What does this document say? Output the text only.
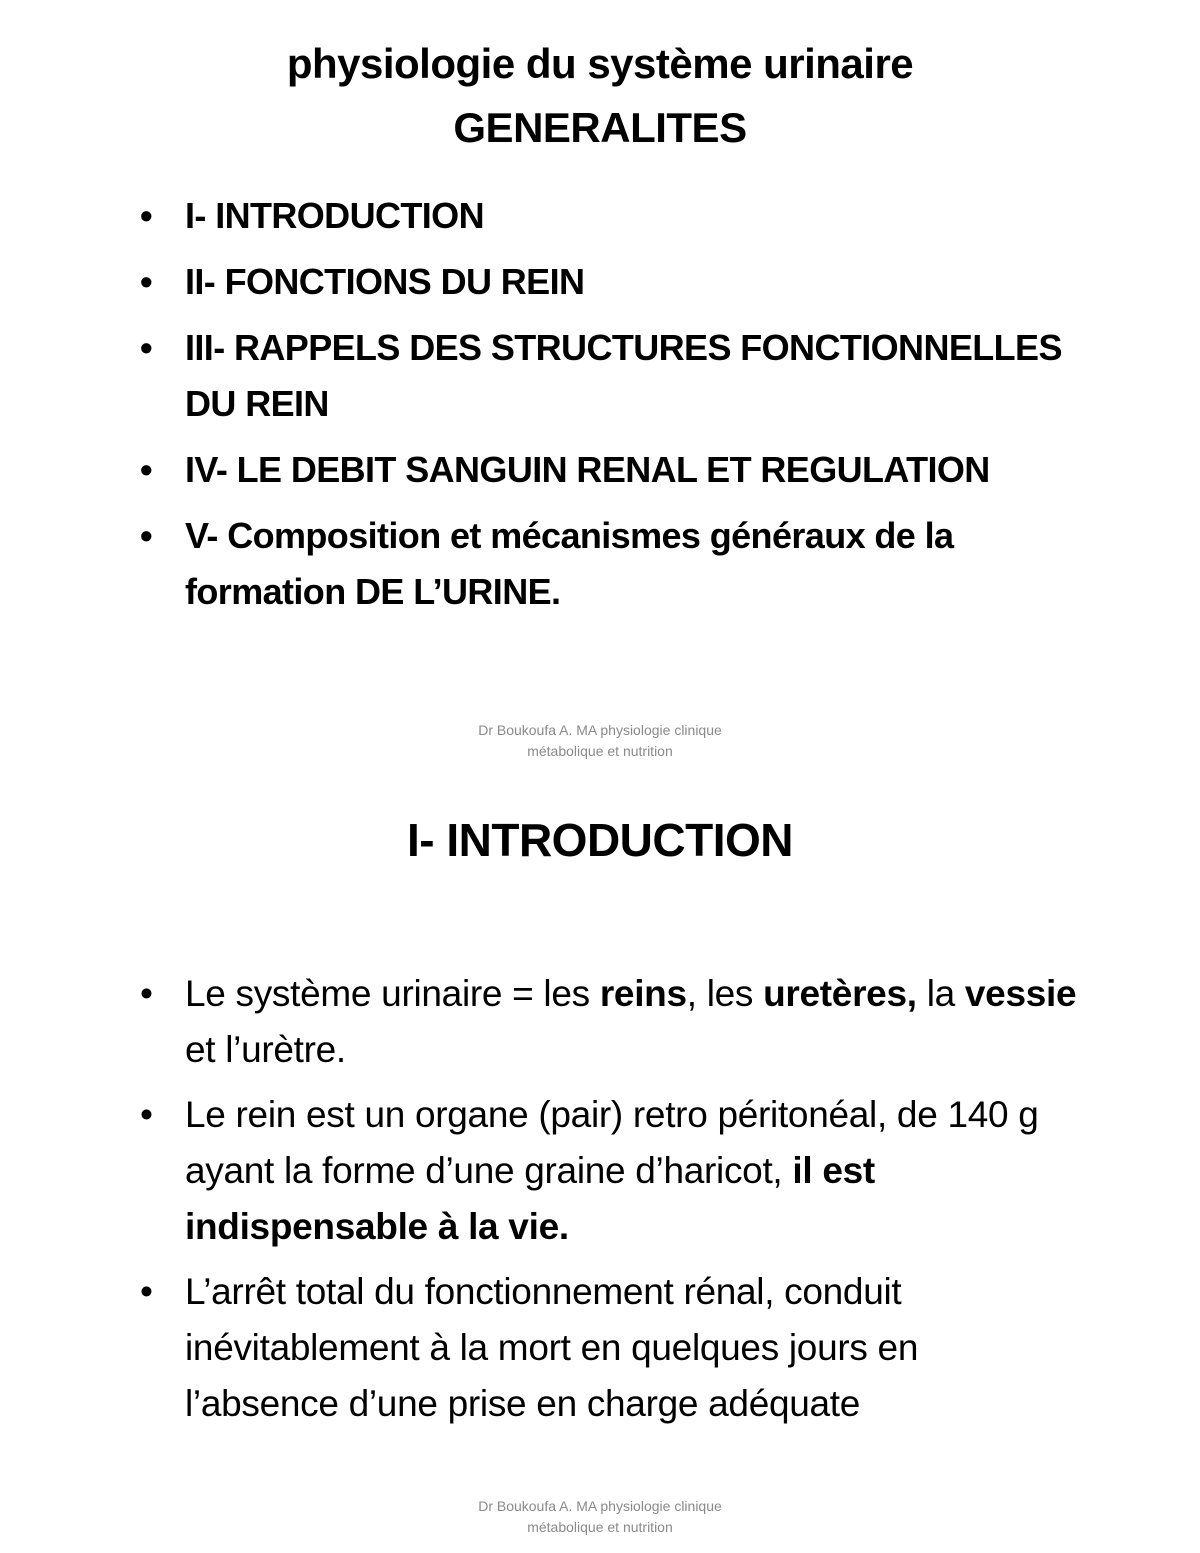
physiologie du système urinaire
GENERALITES
• I- INTRODUCTION
• II- FONCTIONS DU REIN
• III- RAPPELS DES STRUCTURES FONCTIONNELLES DU REIN
• IV- LE DEBIT SANGUIN RENAL ET REGULATION
• V- Composition et mécanismes généraux de la formation DE L’URINE.
Dr Boukoufa A. MA physiologie clinique
métabolique et nutrition
I- INTRODUCTION
• Le système urinaire = les reins, les uretères, la vessie et l’urètre.
• Le rein est un organe (pair) retro péritonéal, de 140 g ayant la forme d’une graine d’haricot, il est indispensable à la vie.
• L’arrêt total du fonctionnement rénal, conduit inévitablement à la mort en quelques jours en l’absence d’une prise en charge adéquate
Dr Boukoufa A. MA physiologie clinique
métabolique et nutrition
